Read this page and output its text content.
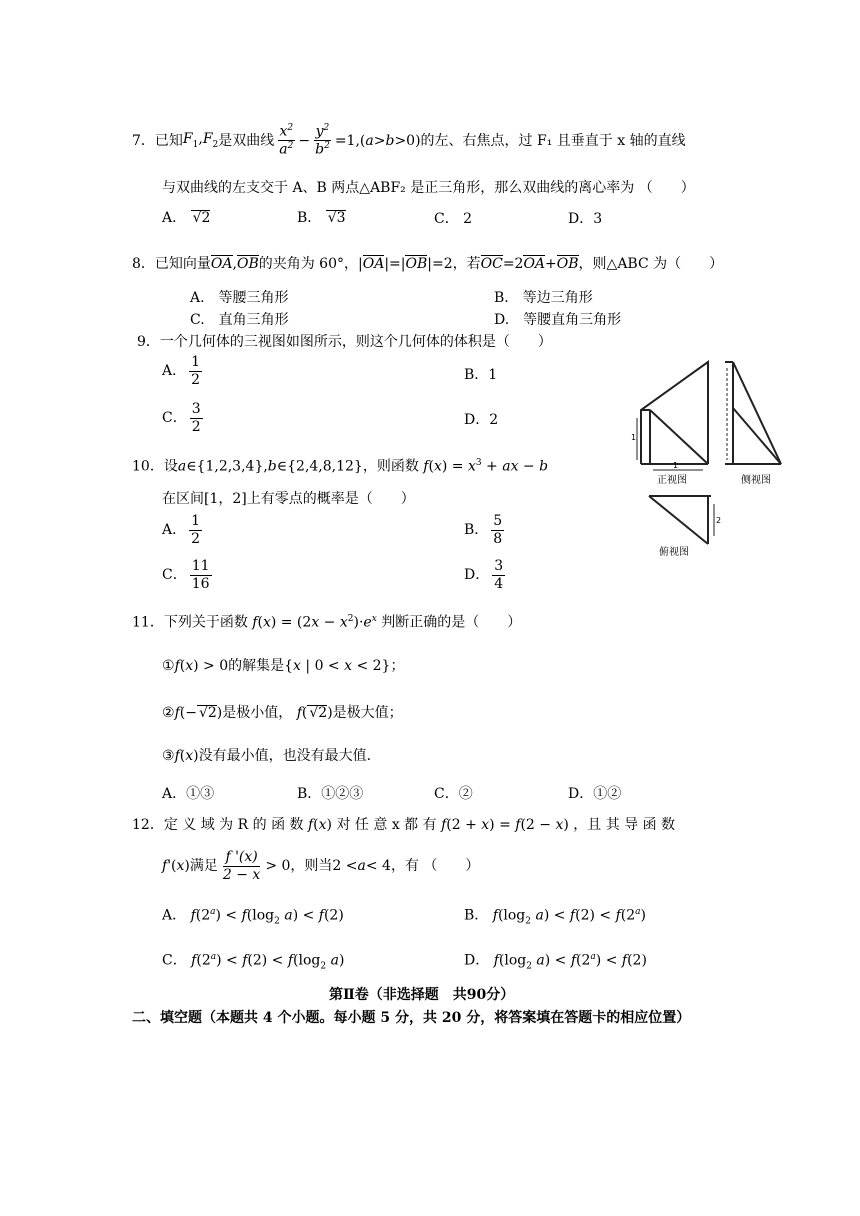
7． 已知 $F_1,F_2$ 是双曲线 $\frac{x^2}{a^2} - \frac{y^2}{b^2} =1$,( a > b >0) 的左、右焦点，过 F₁ 且垂直于 x 轴的直线
与双曲线的左支交于 A、B 两点△ABF₂ 是正三角形，那么双曲线的离心率为 （　　）
A． √2	B． √3	C． 2	D．3
8．已知向量OA,OB的夹角为 60°，|OA|=|OB|=2，若OC=2OA+OB，则△ABC 为（　　）
A.　等腰三角形	B.　等边三角形
C.　直角三角形	D.　等腰直角三角形
9．一个几何体的三视图如图所示，则这个几何体的体积是（　　）
A． $\frac{1}{2}$	B．1
C． $\frac{3}{2}$	D．2
1
1
正视图	侧视图
2
俯视图
10．设a∈{1,2,3,4},b∈{2,4,8,12}，则函数 $f(x) = x^3$ + ax − b
在区间[1，2]上有零点的概率是（　　）
A． $\frac{1}{2}$	B． $\frac{5}{8}$
C． $\frac{11}{16}$	D． $\frac{3}{4}$
11．下列关于函数 $f(x) = (2x - x^2)\cdot e^x$ 判断正确的是（　　）
①f(x) > 0的解集是{x | 0 < x < 2}；
②f(− √2)是极小值， f( √2)是极大值；
③f(x)没有最小值，也没有最大值.
A．①③	B．①②③	C．②	D．①②
12．定 义 域 为 R 的 函 数 f(x) 对 任 意 x 都 有 f(2 + x) = f(2 − x) ，且 其 导 函 数
f '( x ) 满足 $\frac{f '(x)}{2 - x} > 0$ ，则当 2 < a < 4 ，有 （　　）
A． $f(2^a) < f(\log_2$ a) < f(2)	B． $f(\log_2$ $a) < f(2) < f(2^a)$
C． $f(2^a) < f(2) < f(\log_2$ a)	D． $f(\log_2$ $a) < f(2^a) < f(2)$
第Ⅱ卷（非选择题　共90分）
二、填空题（本题共 4 个小题。每小题 5 分，共 20 分，将答案填在答题卡的相应位置）
